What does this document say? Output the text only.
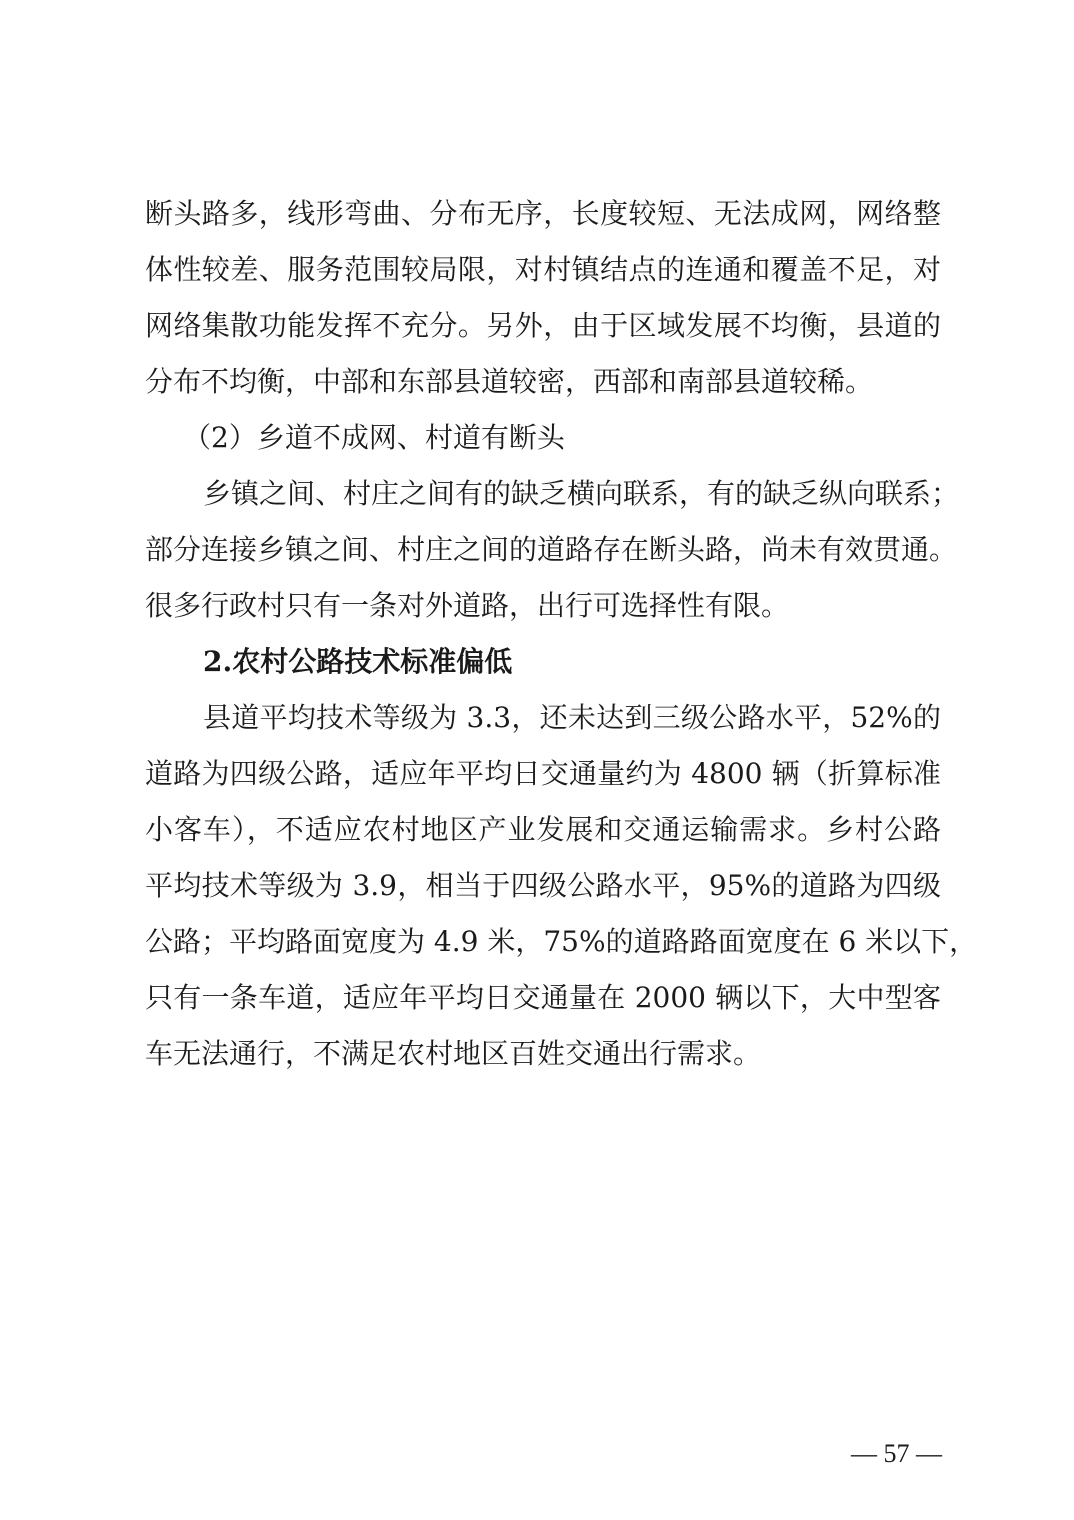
断头路多，线形弯曲、分布无序，长度较短、无法成网，网络整
体性较差、服务范围较局限，对村镇结点的连通和覆盖不足，对
网络集散功能发挥不充分。另外，由于区域发展不均衡，县道的
分布不均衡，中部和东部县道较密，西部和南部县道较稀。
（2）乡道不成网、村道有断头
乡镇之间、村庄之间有的缺乏横向联系，有的缺乏纵向联系；
部分连接乡镇之间、村庄之间的道路存在断头路，尚未有效贯通。
很多行政村只有一条对外道路，出行可选择性有限。
2.农村公路技术标准偏低
县道平均技术等级为 3.3，还未达到三级公路水平，52%的
道路为四级公路，适应年平均日交通量约为 4800 辆（折算标准
小客车），不适应农村地区产业发展和交通运输需求。乡村公路
平均技术等级为 3.9，相当于四级公路水平，95%的道路为四级
公路；平均路面宽度为 4.9 米，75%的道路路面宽度在 6 米以下，
只有一条车道，适应年平均日交通量在 2000 辆以下，大中型客
车无法通行，不满足农村地区百姓交通出行需求。
— 57 —
